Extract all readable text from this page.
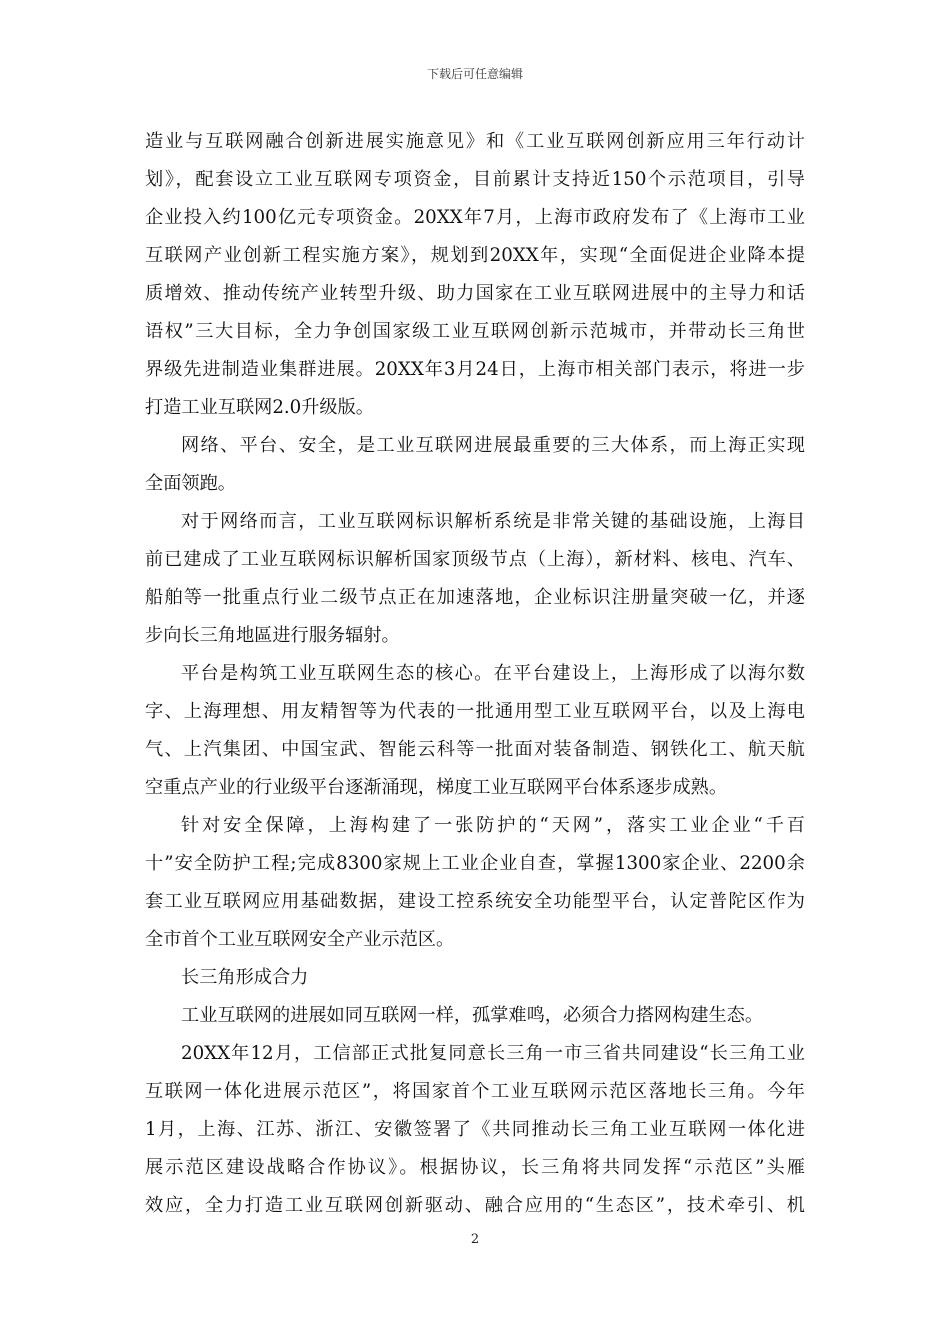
下载后可任意编辑
造业与互联网融合创新进展实施意见》和《工业互联网创新应用三年行动计
划》，配套设立工业互联网专项资金，目前累计支持近150个示范项目，引导
企业投入约100亿元专项资金。20XX年7月，上海市政府发布了《上海市工业
互联网产业创新工程实施方案》，规划到20XX年，实现“全面促进企业降本提
质增效、推动传统产业转型升级、助力国家在工业互联网进展中的主导力和话
语权”三大目标，全力争创国家级工业互联网创新示范城市，并带动长三角世
界级先进制造业集群进展。20XX年3月24日，上海市相关部门表示，将进一步
打造工业互联网2.0升级版。
网络、平台、安全，是工业互联网进展最重要的三大体系，而上海正实现
全面领跑。
对于网络而言，工业互联网标识解析系统是非常关键的基础设施，上海目
前已建成了工业互联网标识解析国家顶级节点（上海），新材料、核电、汽车、
船舶等一批重点行业二级节点正在加速落地，企业标识注册量突破一亿，并逐
步向长三角地區进行服务辐射。
平台是构筑工业互联网生态的核心。在平台建设上，上海形成了以海尔数
字、上海理想、用友精智等为代表的一批通用型工业互联网平台，以及上海电
气、上汽集团、中国宝武、智能云科等一批面对装备制造、钢铁化工、航天航
空重点产业的行业级平台逐渐涌现，梯度工业互联网平台体系逐步成熟。
针对安全保障，上海构建了一张防护的“天网”，落实工业企业“千百
十”安全防护工程;完成8300家规上工业企业自查，掌握1300家企业、2200余
套工业互联网应用基础数据，建设工控系统安全功能型平台，认定普陀区作为
全市首个工业互联网安全产业示范区。
长三角形成合力
工业互联网的进展如同互联网一样，孤掌难鸣，必须合力搭网构建生态。
20XX年12月，工信部正式批复同意长三角一市三省共同建设“长三角工业
互联网一体化进展示范区”，将国家首个工业互联网示范区落地长三角。今年
1月，上海、江苏、浙江、安徽签署了《共同推动长三角工业互联网一体化进
展示范区建设战略合作协议》。根据协议，长三角将共同发挥“示范区”头雁
效应，全力打造工业互联网创新驱动、融合应用的“生态区”，技术牵引、机
2
